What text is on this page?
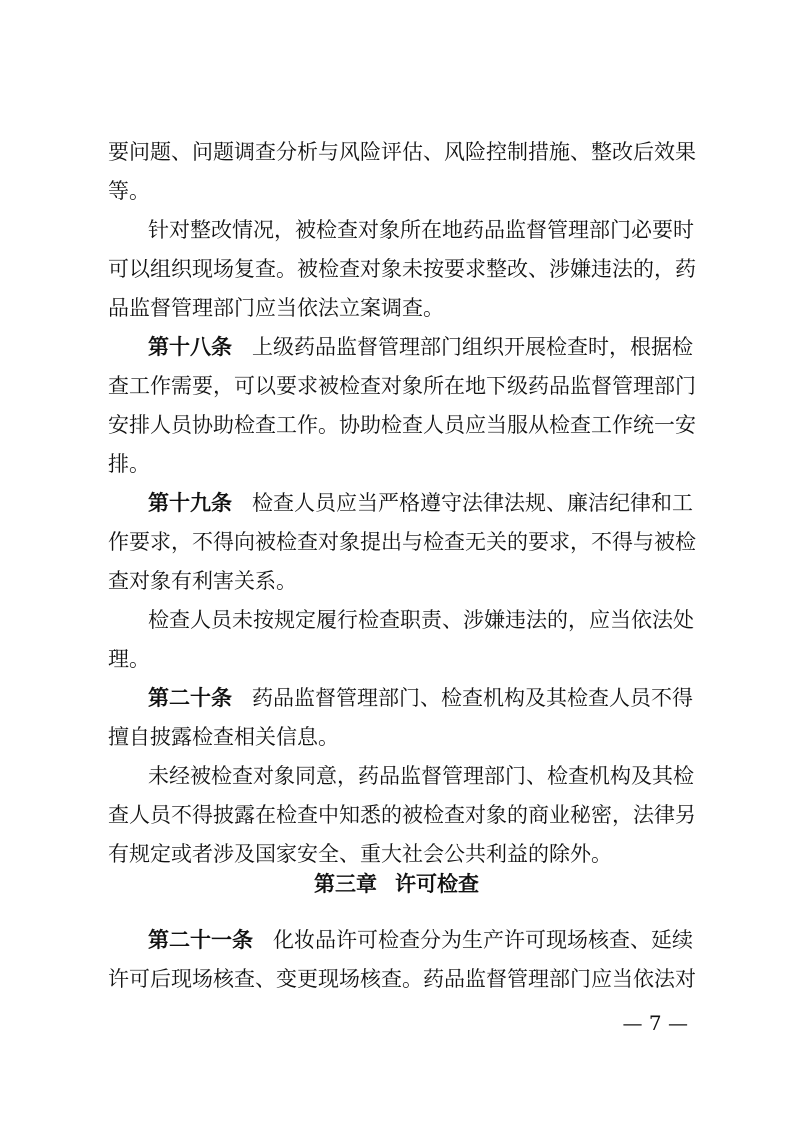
要问题、问题调查分析与风险评估、风险控制措施、整改后效果
等。
针对整改情况，被检查对象所在地药品监督管理部门必要时
可以组织现场复查。被检查对象未按要求整改、涉嫌违法的，药
品监督管理部门应当依法立案调查。
第十八条 上级药品监督管理部门组织开展检查时，根据检
查工作需要，可以要求被检查对象所在地下级药品监督管理部门
安排人员协助检查工作。协助检查人员应当服从检查工作统一安
排。
第十九条 检查人员应当严格遵守法律法规、廉洁纪律和工
作要求，不得向被检查对象提出与检查无关的要求，不得与被检
查对象有利害关系。
检查人员未按规定履行检查职责、涉嫌违法的，应当依法处
理。
第二十条 药品监督管理部门、检查机构及其检查人员不得
擅自披露检查相关信息。
未经被检查对象同意，药品监督管理部门、检查机构及其检
查人员不得披露在检查中知悉的被检查对象的商业秘密，法律另
有规定或者涉及国家安全、重大社会公共利益的除外。
第三章 许可检查
第二十一条 化妆品许可检查分为生产许可现场核查、延续
许可后现场核查、变更现场核查。药品监督管理部门应当依法对
— 7 —
